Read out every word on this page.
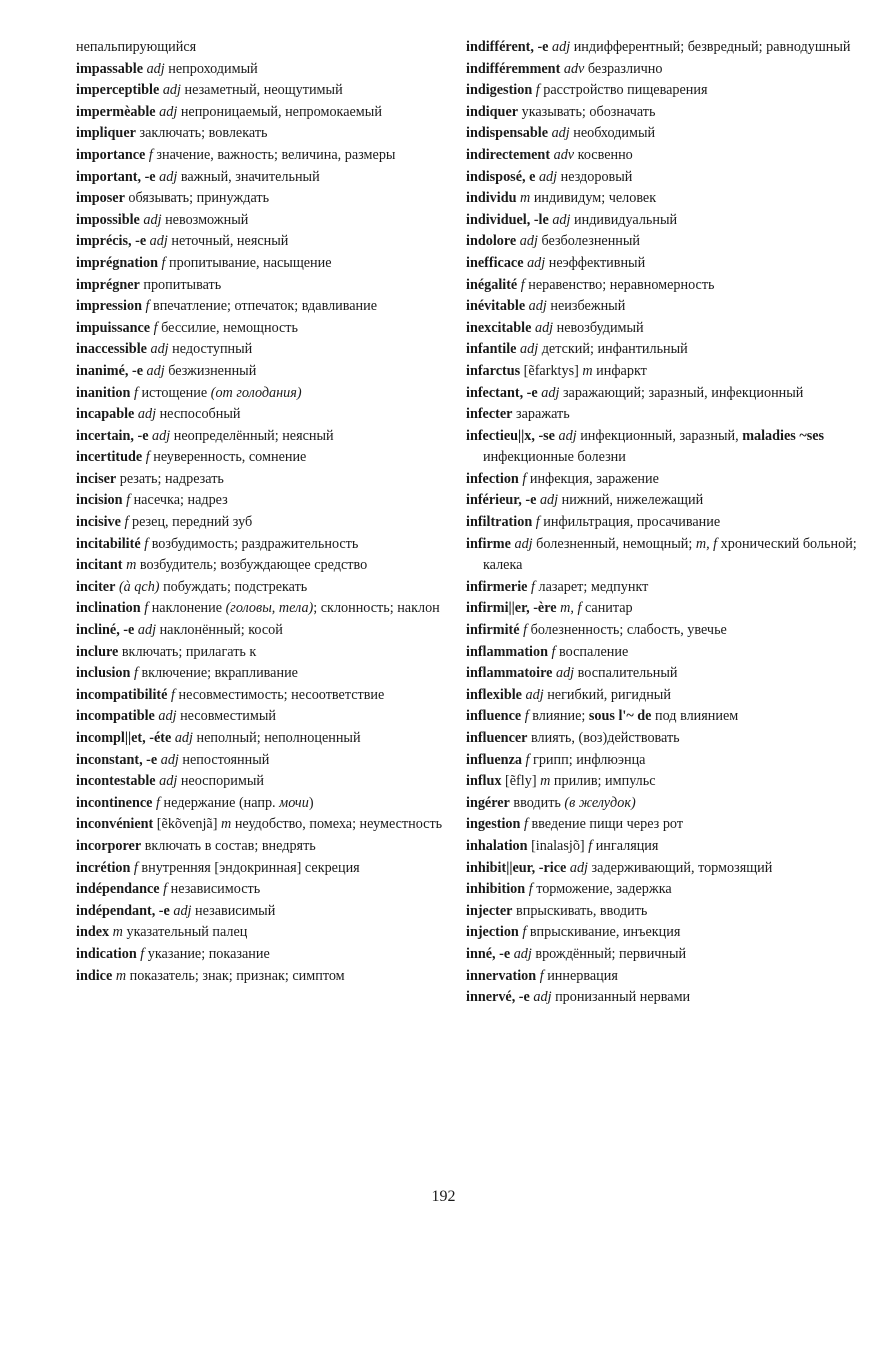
непальпирующийся
impassable adj непроходимый
imperceptible adj незаметный, неощутимый
impermèable adj непроницаемый, непромокаемый
impliquer заключать; вовлекать
importance f значение, важность; величина, размеры
important, -e adj важный, значительный
imposer обязывать; принуждать
impossible adj невозможный
imprécis, -e adj неточный, неясный
imprégnation f пропитывание, насыщение
imprégner пропитывать
impression f впечатление; отпечаток; вдавливание
impuissance f бессилие, немощность
inaccessible adj недоступный
inanimé, -e adj безжизненный
inanition f истощение (от голодания)
incapable adj неспособный
incertain, -e adj неопределённый; неясный
incertitude f неуверенность, сомнение
inciser резать; надрезать
incision f насечка; надрез
incisive f резец, передний зуб
incitabilité f возбудимость; раздражительность
incitant m возбудитель; возбуждающее средство
inciter (à qch) побуждать; подстрекать
inclination f наклонение (головы, тела); склонность; наклон
incliné, -e adj наклонённый; косой
inclure включать; прилагать к
inclusion f включение; вкрапливание
incompatibilité f несовместимость; несоответствие
incompatible adj несовместимый
incompl||et, -éte adj неполный; неполноценный
inconstant, -e adj непостоянный
incontestable adj неоспоримый
incontinence f недержание (напр. мочи)
inconvénient [ẽkõvenjã] m неудобство, помеха; неуместность
incorporer включать в состав; внедрять
incrétion f внутренняя [эндокринная] секреция
indépendance f независимость
indépendant, -e adj независимый
index m указательный палец
indication f указание; показание
indice m показатель; знак; признак; симптом
indifférent, -e adj индифферентный; безвредный; равнодушный
indifféremment adv безразлично
indigestion f расстройство пищеварения
indiquer указывать; обозначать
indispensable adj необходимый
indirectement adv косвенно
indisposé, e adj нездоровый
individu m индивидум; человек
individuel, -le adj индивидуальный
indolore adj безболезненный
inefficace adj неэффективный
inégalité f неравенство; неравномерность
inévitable adj неизбежный
inexcitable adj невозбудимый
infantile adj детский; инфантильный
infarctus [ẽfarktys] m инфаркт
infectant, -e adj заражающий; заразный, инфекционный
infecter заражать
infectieu||x, -se adj инфекционный, заразный, maladies ~ses инфекционные болезни
infection f инфекция, заражение
inférieur, -e adj нижний, нижележащий
infiltration f инфильтрация, просачивание
infirme adj болезненный, немощный; m, f хронический больной; калека
infirmerie f лазарет; медпункт
infirmi||er, -ère m, f санитар
infirmité f болезненность; слабость, увечье
inflammation f воспаление
inflammatoire adj воспалительный
inflexible adj негибкий, ригидный
influence f влияние; sous l'~ de под влиянием
influencer влиять, (воз)действовать
influenza f грипп; инфлюэнца
influx [ẽfly] m прилив; импульс
ingérer вводить (в желудок)
ingestion f введение пищи через рот
inhalation [inalasjõ] f ингаляция
inhibit||eur, -rice adj задерживающий, тормозящий
inhibition f торможение, задержка
injecter впрыскивать, вводить
injection f впрыскивание, инъекция
inné, -e adj врождённый; первичный
innervation f иннервация
innervé, -e adj пронизанный нервами
192
